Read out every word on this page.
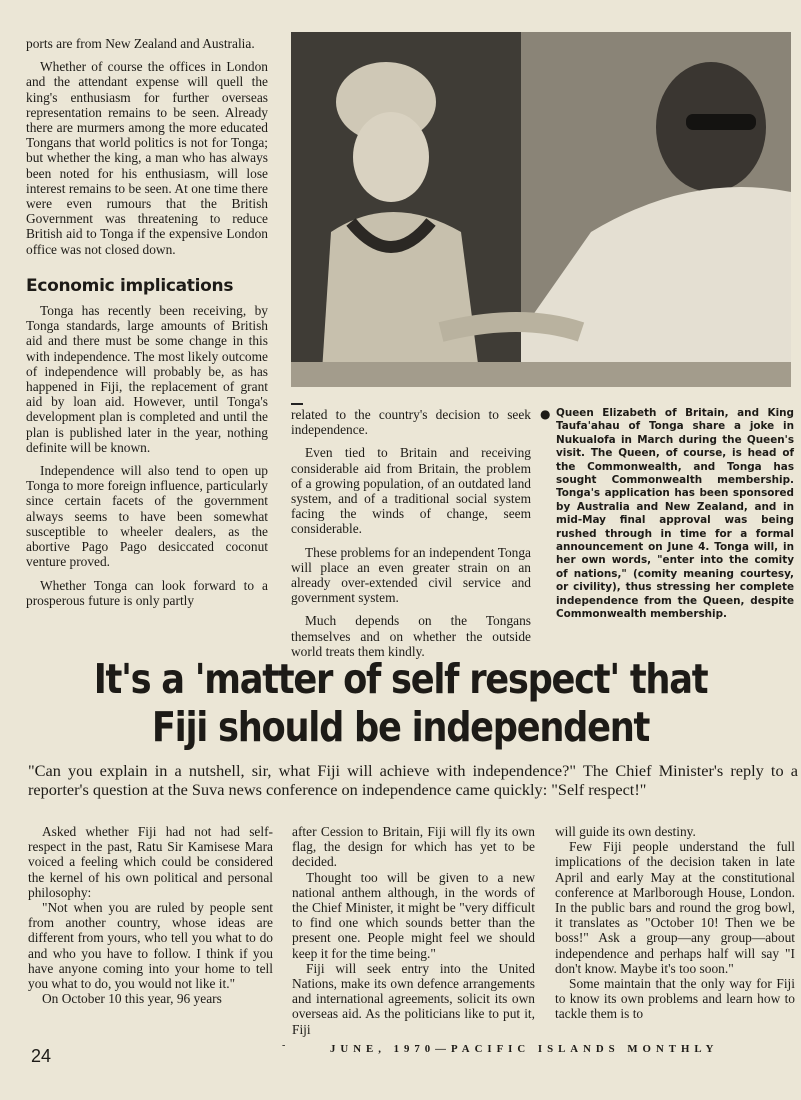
ports are from New Zealand and Australia.

Whether of course the offices in London and the attendant expense will quell the king's enthusiasm for further overseas representation remains to be seen. Already there are murmers among the more educated Tongans that world politics is not for Tonga; but whether the king, a man who has always been noted for his enthusiasm, will lose interest remains to be seen. At one time there were even rumours that the British Government was threatening to reduce British aid to Tonga if the expensive London office was not closed down.

Economic implications

Tonga has recently been receiving, by Tonga standards, large amounts of British aid and there must be some change in this with independence. The most likely outcome of independence will probably be, as has happened in Fiji, the replacement of grant aid by loan aid. However, until Tonga's development plan is completed and until the plan is published later in the year, nothing definite will be known.

Independence will also tend to open up Tonga to more foreign influence, particularly since certain facets of the government always seems to have been somewhat susceptible to wheeler dealers, as the abortive Pago Pago desiccated coconut venture proved.

Whether Tonga can look forward to a prosperous future is only partly

related to the country's decision to seek independence.

Even tied to Britain and receiving considerable aid from Britain, the problem of a growing population, of an outdated land system, and of a traditional social system facing the winds of change, seem considerable.

These problems for an independent Tonga will place an even greater strain on an already over-extended civil service and government system.

Much depends on the Tongans themselves and on whether the outside world treats them kindly.

● Queen Elizabeth of Britain, and King Taufa'ahau of Tonga share a joke in Nukualofa in March during the Queen's visit. The Queen, of course, is head of the Commonwealth, and Tonga has sought Commonwealth membership. Tonga's application has been sponsored by Australia and New Zealand, and in mid-May final approval was being rushed through in time for a formal announcement on June 4. Tonga will, in her own words, "enter into the comity of nations," (comity meaning courtesy, or civility), thus stressing her complete independence from the Queen, despite Commonwealth membership.
It's a 'matter of self respect' that
Fiji should be independent
"Can you explain in a nutshell, sir, what Fiji will achieve with independence?" The Chief Minister's reply to a reporter's question at the Suva news conference on independence came quickly: "Self respect!"

Asked whether Fiji had not had self-respect in the past, Ratu Sir Kamisese Mara voiced a feeling which could be considered the kernel of his own political and personal philosophy:

"Not when you are ruled by people sent from another country, whose ideas are different from yours, who tell you what to do and who you have to follow. I think if you have anyone coming into your home to tell you what to do, you would not like it."

On October 10 this year, 96 years

after Cession to Britain, Fiji will fly its own flag, the design for which has yet to be decided.

Thought too will be given to a new national anthem although, in the words of the Chief Minister, it might be "very difficult to find one which sounds better than the present one. People might feel we should keep it for the time being."

Fiji will seek entry into the United Nations, make its own defence arrangements and international agreements, solicit its own overseas aid. As the politicians like to put it, Fiji

will guide its own destiny.

Few Fiji people understand the full implications of the decision taken in late April and early May at the constitutional conference at Marlborough House, London. In the public bars and round the grog bowl, it translates as "October 10! Then we be boss!" Ask a group—any group—about independence and perhaps half will say "I don't know. Maybe it's too soon."

Some maintain that the only way for Fiji to know its own problems and learn how to tackle them is to

24
-	JUNE, 1970—PACIFIC ISLANDS MONTHLY
